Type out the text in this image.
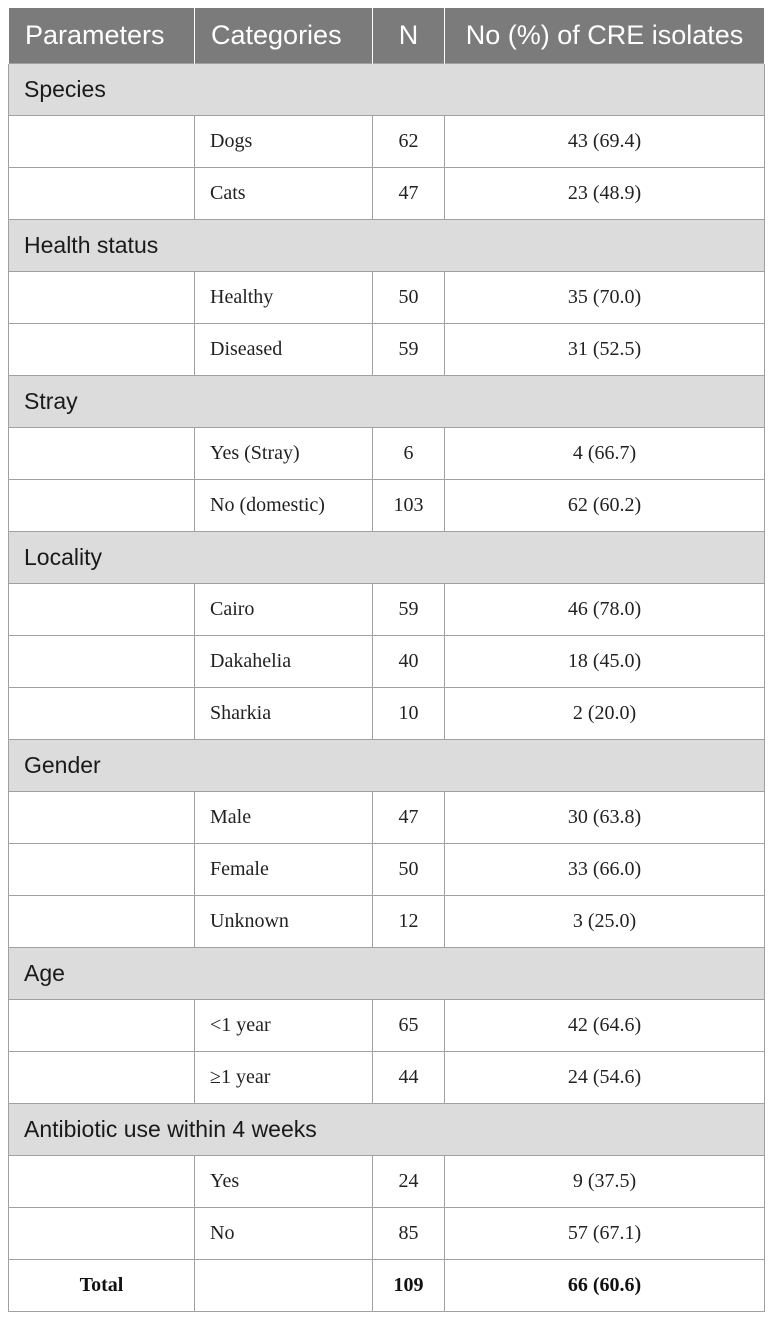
Parameters	Categories	N	No (%) of CRE isolates
Species			
	Dogs	62	43 (69.4)
	Cats	47	23 (48.9)
Health status			
	Healthy	50	35 (70.0)
	Diseased	59	31 (52.5)
Stray			
	Yes (Stray)	6	4 (66.7)
	No (domestic)	103	62 (60.2)
Locality			
	Cairo	59	46 (78.0)
	Dakahelia	40	18 (45.0)
	Sharkia	10	2 (20.0)
Gender			
	Male	47	30 (63.8)
	Female	50	33 (66.0)
	Unknown	12	3 (25.0)
Age			
	<1 year	65	42 (64.6)
	≥1 year	44	24 (54.6)
Antibiotic use within 4 weeks			
	Yes	24	9 (37.5)
	No	85	57 (67.1)
Total		109	66 (60.6)
